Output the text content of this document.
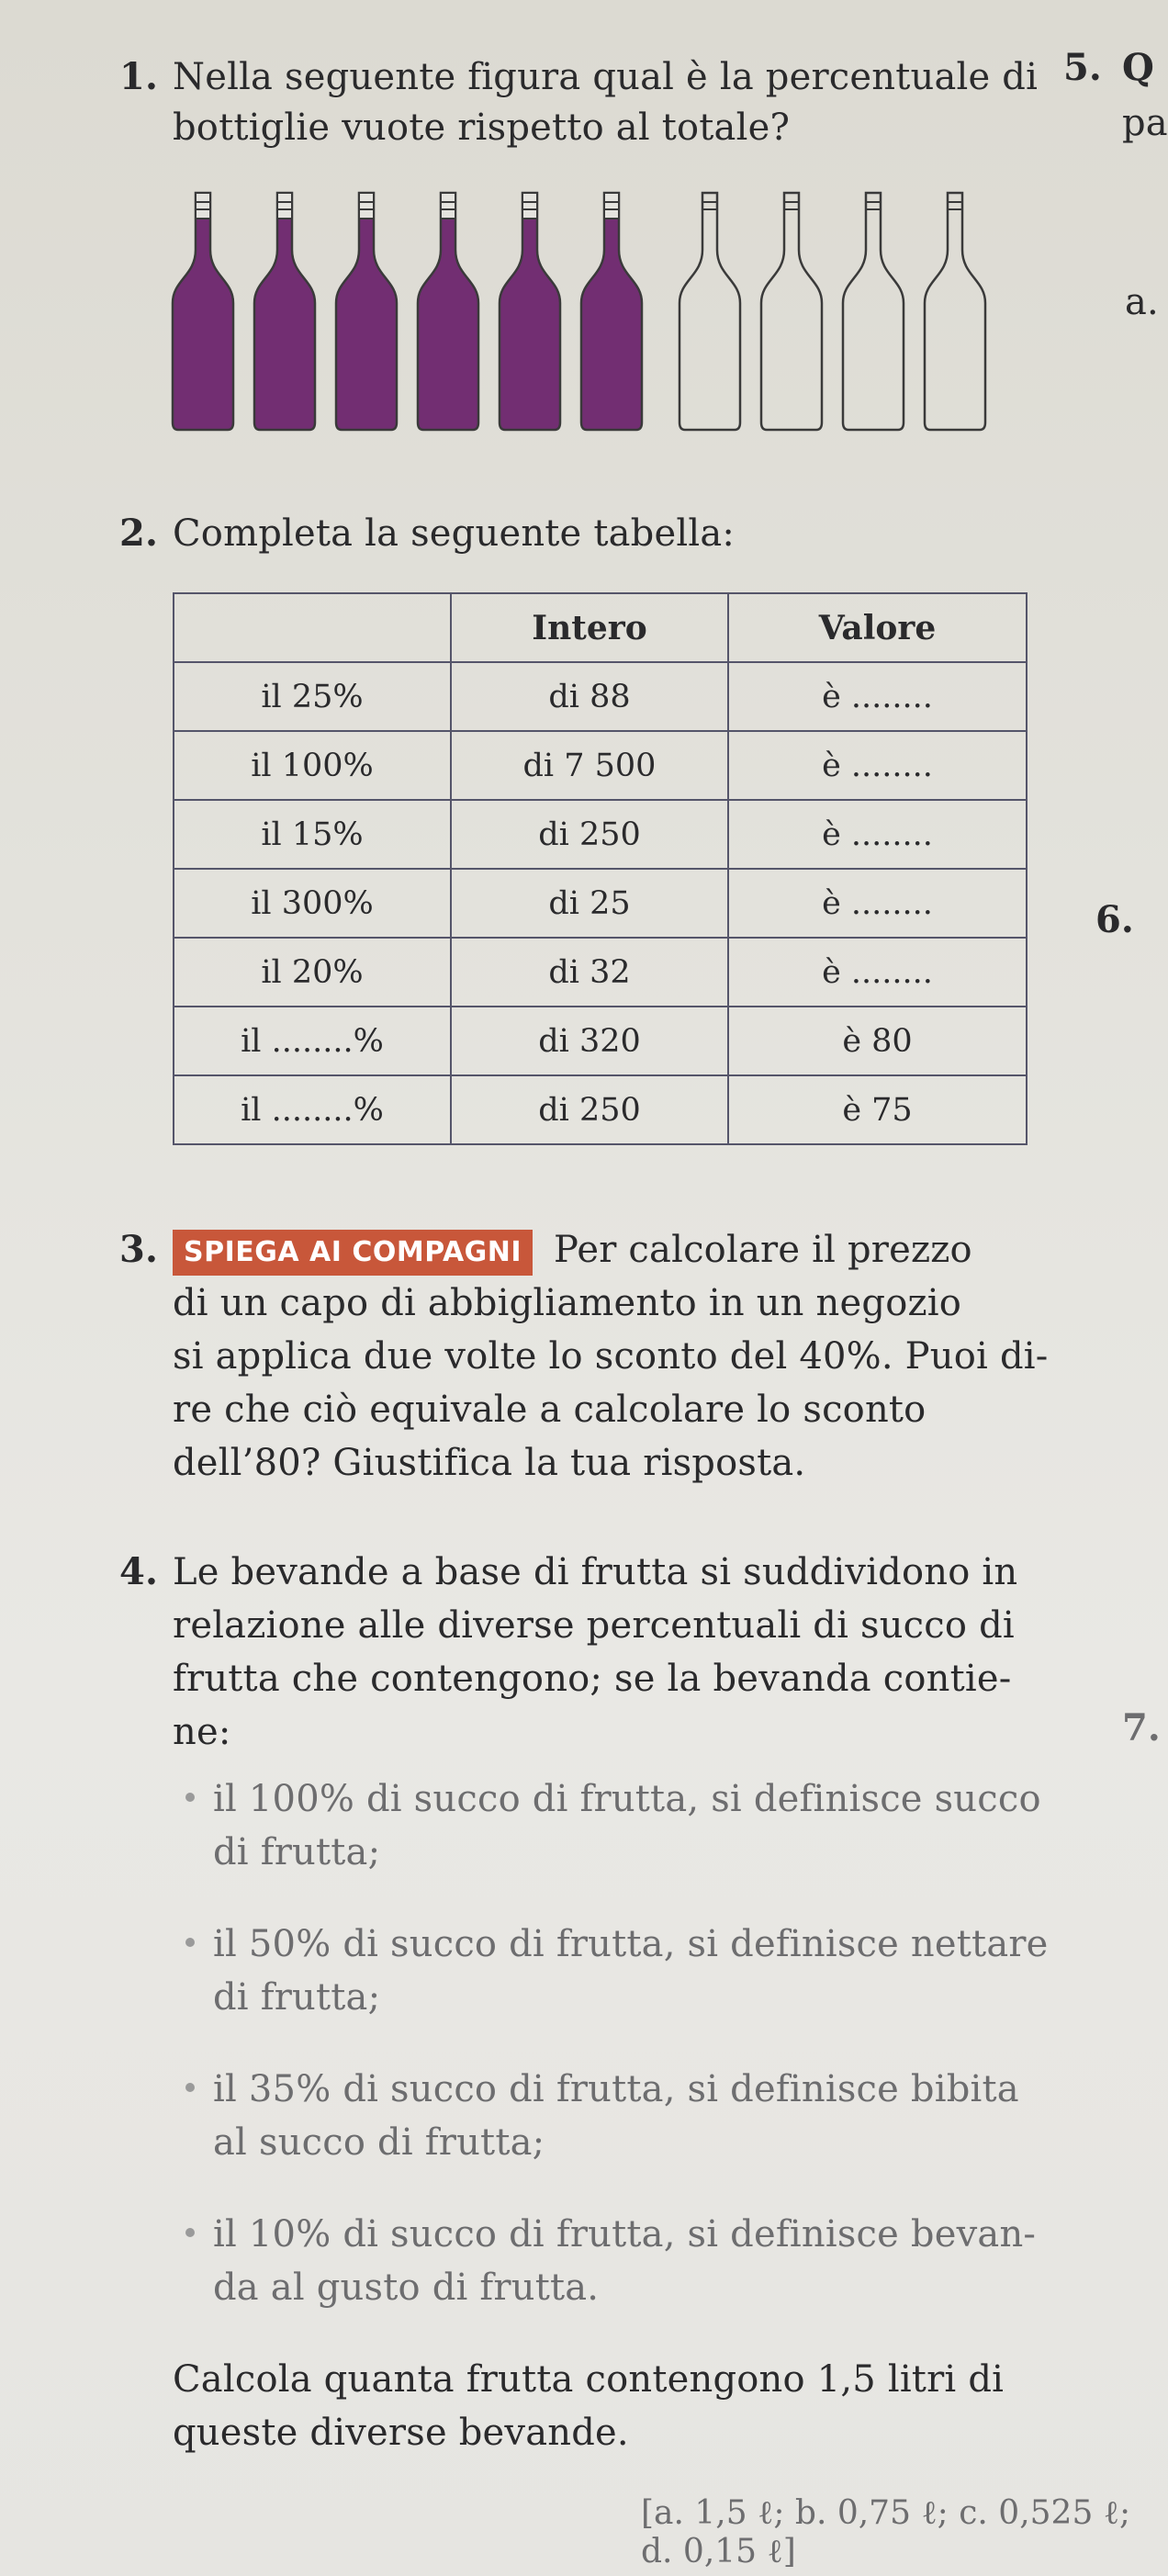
1. Nella seguente figura qual è la percentuale di
bottiglie vuote rispetto al totale?
2. Completa la seguente tabella:
	Intero	Valore
il 25%	di 88	è ........
il 100%	di 7 500	è ........
il 15%	di 250	è ........
il 300%	di 25	è ........
il 20%	di 32	è ........
il ........%	di 320	è 80
il ........%	di 250	è 75
3. SPIEGA AI COMPAGNI Per calcolare il prezzo
di un capo di abbigliamento in un negozio
si applica due volte lo sconto del 40%. Puoi di-
re che ciò equivale a calcolare lo sconto
dell’80? Giustifica la tua risposta.
4. Le bevande a base di frutta si suddividono in
relazione alle diverse percentuali di succo di
frutta che contengono; se la bevanda contie-
ne:
il 100% di succo di frutta, si definisce succo
di frutta;
il 50% di succo di frutta, si definisce nettare
di frutta;
il 35% di succo di frutta, si definisce bibita
al succo di frutta;
il 10% di succo di frutta, si definisce bevan-
da al gusto di frutta.
Calcola quanta frutta contengono 1,5 litri di
queste diverse bevande.
[a. 1,5 ℓ; b. 0,75 ℓ; c. 0,525 ℓ; d. 0,15 ℓ]
5. Q
pa
a.
6.
7.
